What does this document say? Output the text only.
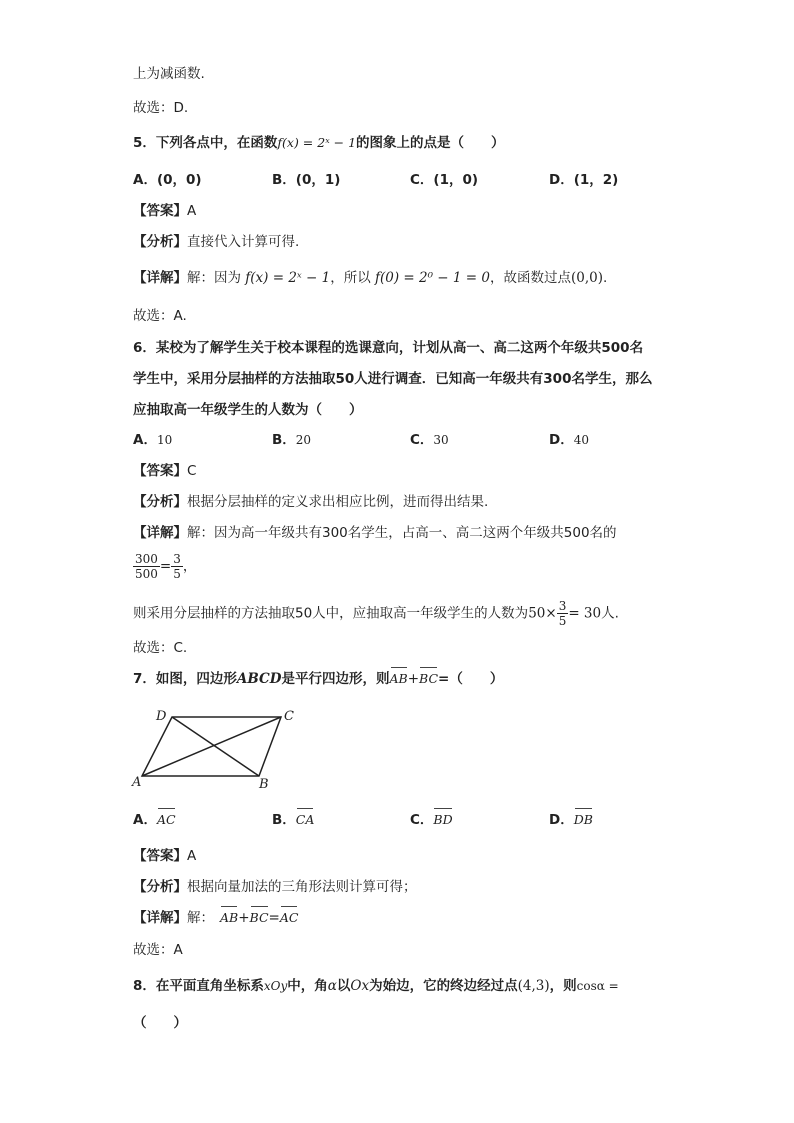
上为减函数.
故选：D.
5．下列各点中，在函数f(x) = 2ˣ − 1的图象上的点是（　　）
A．(0，0)	B．(0，1)	C．(1，0)	D．(1，2)
【答案】A
【分析】直接代入计算可得.
【详解】解：因为 f(x) = 2ˣ − 1，所以 f(0) = 2⁰ − 1 = 0，故函数过点(0,0).
故选：A.
6．某校为了解学生关于校本课程的选课意向，计划从高一、高二这两个年级共500名
学生中，采用分层抽样的方法抽取50人进行调查．已知高一年级共有300名学生，那么
应抽取高一年级学生的人数为（　　）
A．10	B．20	C．30	D．40
【答案】C
【分析】根据分层抽样的定义求出相应比例，进而得出结果.
【详解】解：因为高一年级共有300名学生，占高一、高二这两个年级共500名的
$\frac{300}{500} = \frac{3}{5}$ ，
则采用分层抽样的方法抽取50人中，应抽取高一年级学生的人数为$50\times \frac{3}{5} = 30$人.
故选：C.
7．如图，四边形ABCD是平行四边形，则AB+BC=（　　）
D	C
A	B
A．AC	B．CA	C．BD	D．DB
【答案】A
【分析】根据向量加法的三角形法则计算可得；
【详解】解： AB+BC=AC
故选：A
8．在平面直角坐标系xOy中，角α以Ox为始边，它的终边经过点(4,3)，则cosα =
（　　）
